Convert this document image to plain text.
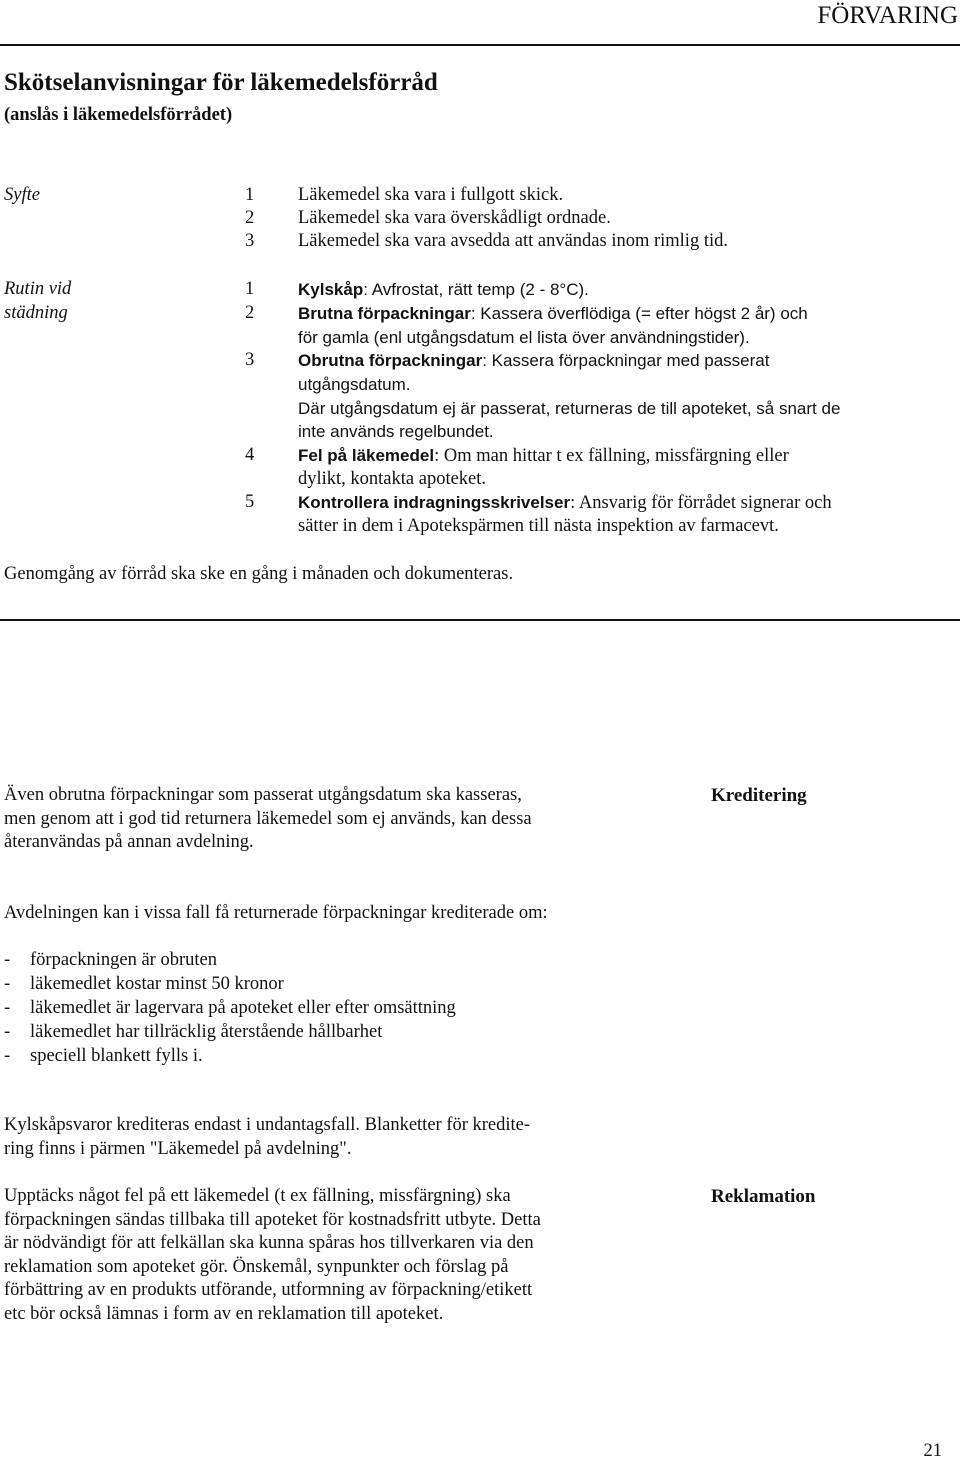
FÖRVARING
Skötselanvisningar för läkemedelsförråd
(anslås i läkemedelsförrådet)
Syfte	1	Läkemedel ska vara i fullgott skick.
2	Läkemedel ska vara överskådligt ordnade.
3	Läkemedel ska vara avsedda att användas inom rimlig tid.
Rutin vid
städning
1	Kylskåp: Avfrostat, rätt temp (2 - 8°C).
2	Brutna förpackningar: Kassera överflödiga (= efter högst 2 år) och
för gamla (enl utgångsdatum el lista över användningstider).
3	Obrutna förpackningar: Kassera förpackningar med passerat
utgångsdatum.
Där utgångsdatum ej är passerat, returneras de till apoteket, så snart de
inte används regelbundet.
4	Fel på läkemedel: Om man hittar t ex fällning, missfärgning eller
dylikt, kontakta apoteket.
5	Kontrollera indragningsskrivelser: Ansvarig för förrådet signerar och
sätter in dem i Apotekspärmen till nästa inspektion av farmacevt.
Genomgång av förråd ska ske en gång i månaden och dokumenteras.
Kreditering
Även obrutna förpackningar som passerat utgångsdatum ska kasseras,
men genom att i god tid returnera läkemedel som ej används, kan dessa
återanvändas på annan avdelning.
Avdelningen kan i vissa fall få returnerade förpackningar krediterade om:
- förpackningen är obruten
- läkemedlet kostar minst 50 kronor
- läkemedlet är lagervara på apoteket eller efter omsättning
- läkemedlet har tillräcklig återstående hållbarhet
- speciell blankett fylls i.
Kylskåpsvaror krediteras endast i undantagsfall. Blanketter för kredite-
ring finns i pärmen "Läkemedel på avdelning".
Reklamation
Upptäcks något fel på ett läkemedel (t ex fällning, missfärgning) ska
förpackningen sändas tillbaka till apoteket för kostnadsfritt utbyte. Detta
är nödvändigt för att felkällan ska kunna spåras hos tillverkaren via den
reklamation som apoteket gör. Önskemål, synpunkter och förslag på
förbättring av en produkts utförande, utformning av förpackning/etikett
etc bör också lämnas i form av en reklamation till apoteket.
21
